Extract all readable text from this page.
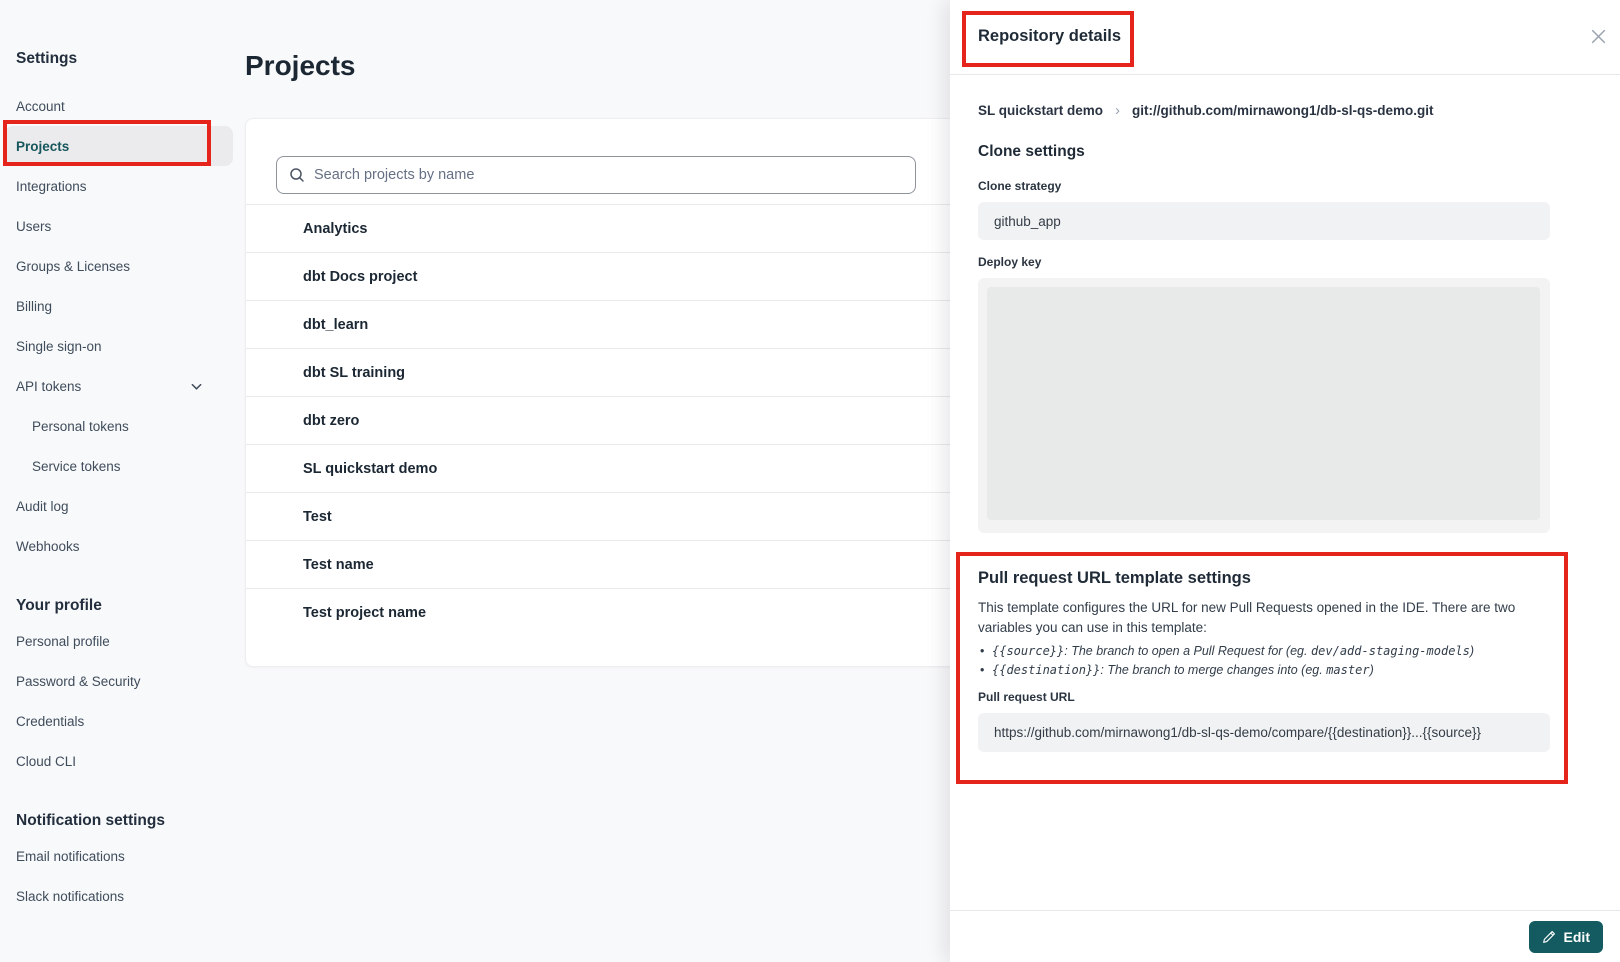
Settings
Account
Projects
Integrations
Users
Groups & Licenses
Billing
Single sign-on
API tokens
Personal tokens
Service tokens
Audit log
Webhooks
Your profile
Personal profile
Password & Security
Credentials
Cloud CLI
Notification settings
Email notifications
Slack notifications
Projects
Search projects by name
Analytics
dbt Docs project
dbt_learn
dbt SL training
dbt zero
SL quickstart demo
Test
Test name
Test project name
Repository details
SL quickstart demo › git://github.com/mirnawong1/db-sl-qs-demo.git
Clone settings
Clone strategy
github_app
Deploy key
Pull request URL template settings

This template configures the URL for new Pull Requests opened in the IDE. There are two variables you can use in this template:

• {{source}}: The branch to open a Pull Request for (eg. dev/add-staging-models)
• {{destination}}: The branch to merge changes into (eg. master)
Pull request URL
https://github.com/mirnawong1/db-sl-qs-demo/compare/{{destination}}...{{source}}
Edit
